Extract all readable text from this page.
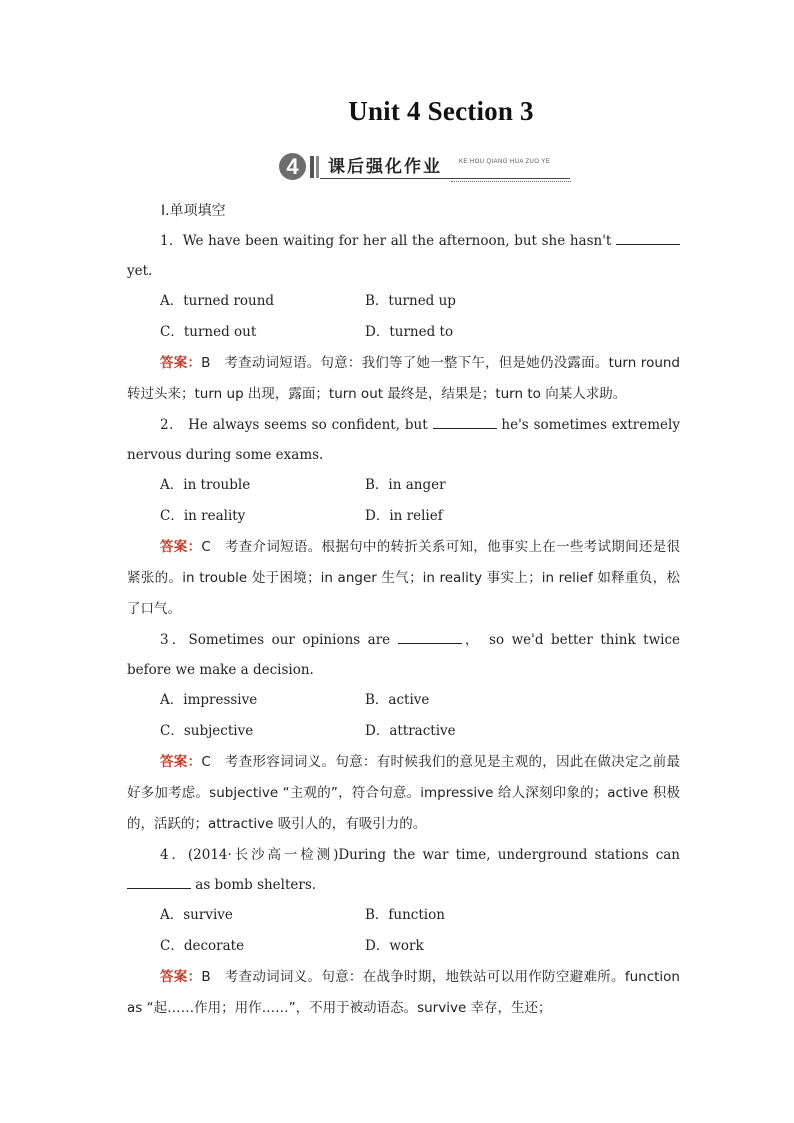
Unit 4 Section 3
4	课后强化作业	KE HOU QIANG HUA ZUO YE
Ⅰ.单项填空
1．We have been waiting for her all the afternoon, but she hasn't  yet.
A．turned round	B．turned up
C．turned out	D．turned to
答案：B　考查动词短语。句意：我们等了她一整下午，但是她仍没露面。turn round 转过头来；turn up 出现，露面；turn out 最终是，结果是；turn to 向某人求助。
2． He always seems so confident, but	he's sometimes extremely nervous during some exams.
A．in trouble	B．in anger
C．in reality	D．in relief
答案：C　考查介词短语。根据句中的转折关系可知，他事实上在一些考试期间还是很紧张的。in trouble 处于困境；in anger 生气；in reality 事实上；in relief 如释重负，松了口气。
3．Sometimes our opinions are	， so we'd better think twice before we make a decision.
A．impressive	B．active
C．subjective	D．attractive
答案：C　考查形容词词义。句意：有时候我们的意见是主观的，因此在做决定之前最好多加考虑。subjective “主观的”，符合句意。impressive 给人深刻印象的；active 积极的，活跃的；attractive 吸引人的，有吸引力的。
4．(2014·长沙高一检测)During the war time, underground stations can  as bomb shelters.
A．survive	B．function
C．decorate	D．work
答案：B　考查动词词义。句意：在战争时期，地铁站可以用作防空避难所。function as “起……作用；用作……”，不用于被动语态。survive 幸存，生还；
